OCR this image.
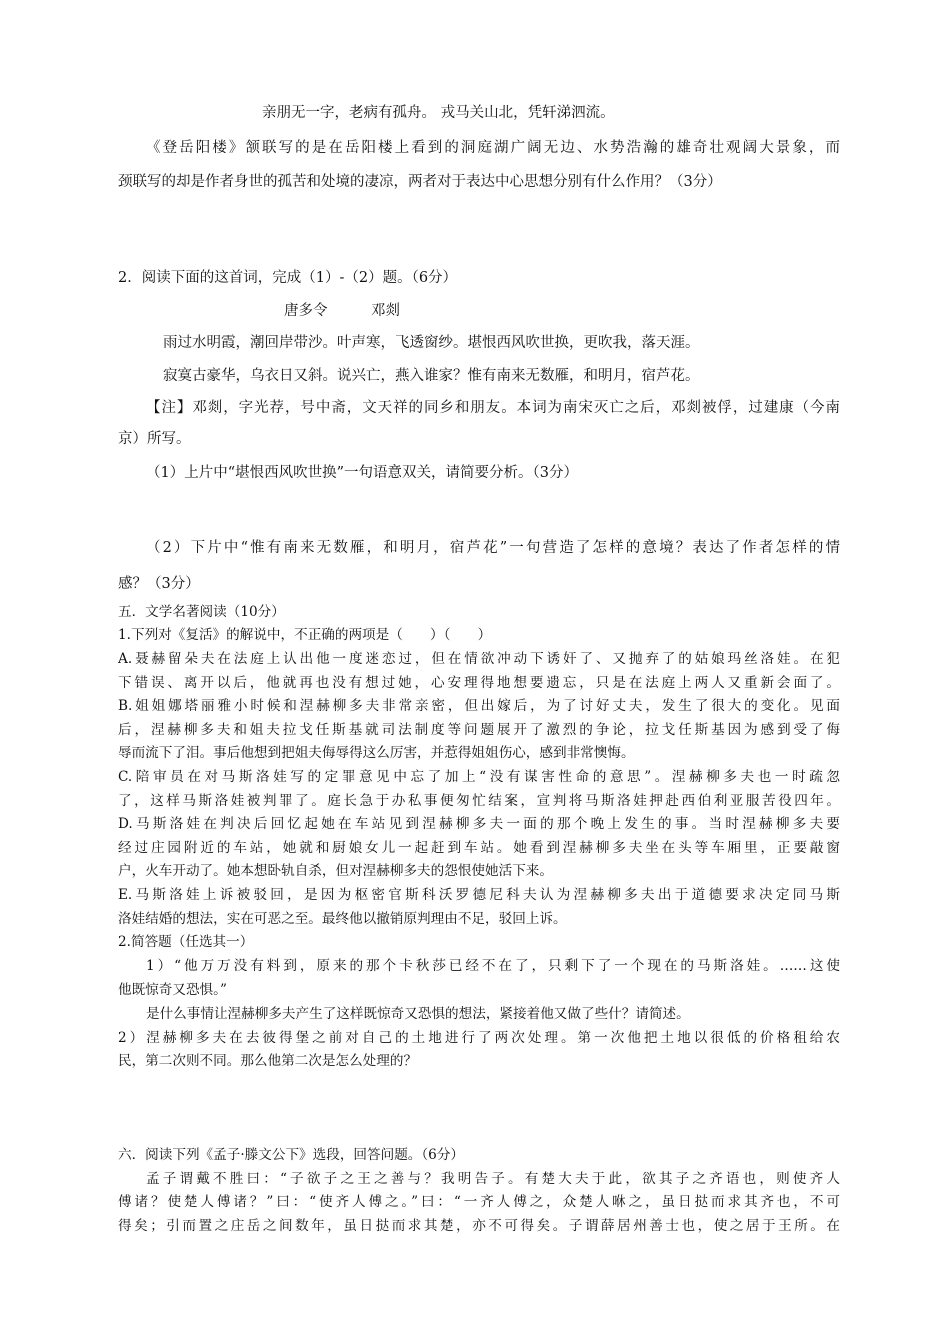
亲朋无一字，老病有孤舟。 戎马关山北，凭轩涕泗流。
《登岳阳楼》颔联写的是在岳阳楼上看到的洞庭湖广阔无边、水势浩瀚的雄奇壮观阔大景象，而
颈联写的却是作者身世的孤苦和处境的凄凉，两者对于表达中心思想分别有什么作用？（3分）
2．阅读下面的这首词，完成（1）-（2）题。（6分）
唐多令　　　邓剡
雨过水明霞，潮回岸带沙。叶声寒，飞透窗纱。堪恨西风吹世换，更吹我，落天涯。
寂寞古豪华，乌衣日又斜。说兴亡，燕入谁家？惟有南来无数雁，和明月，宿芦花。
【注】邓剡，字光荐，号中斋，文天祥的同乡和朋友。本词为南宋灭亡之后，邓剡被俘，过建康（今南
京）所写。
（1）上片中“堪恨西风吹世换”一句语意双关，请简要分析。（3分）
（2）下片中“惟有南来无数雁，和明月，宿芦花”一句营造了怎样的意境？表达了作者怎样的情
感？（3分）
五．文学名著阅读（10分）
1.下列对《复活》的解说中，不正确的两项是（　　）（　　）
A.聂赫留朵夫在法庭上认出他一度迷恋过，但在情欲冲动下诱奸了、又抛弃了的姑娘玛丝洛娃。在犯
下错误、离开以后，他就再也没有想过她，心安理得地想要遗忘，只是在法庭上两人又重新会面了。
B.姐姐娜塔丽雅小时候和涅赫柳多夫非常亲密，但出嫁后，为了讨好丈夫，发生了很大的变化。见面
后，涅赫柳多夫和姐夫拉戈任斯基就司法制度等问题展开了激烈的争论，拉戈任斯基因为感到受了侮
辱而流下了泪。事后他想到把姐夫侮辱得这么厉害，并惹得姐姐伤心，感到非常懊悔。
C.陪审员在对马斯洛娃写的定罪意见中忘了加上“没有谋害性命的意思”。涅赫柳多夫也一时疏忽
了，这样马斯洛娃被判罪了。庭长急于办私事便匆忙结案，宣判将马斯洛娃押赴西伯利亚服苦役四年。
D.马斯洛娃在判决后回忆起她在车站见到涅赫柳多夫一面的那个晚上发生的事。当时涅赫柳多夫要
经过庄园附近的车站，她就和厨娘女儿一起赶到车站。她看到涅赫柳多夫坐在头等车厢里，正要敲窗
户，火车开动了。她本想卧轨自杀，但对涅赫柳多夫的怨恨使她活下来。
E.马斯洛娃上诉被驳回，是因为枢密官斯科沃罗德尼科夫认为涅赫柳多夫出于道德要求决定同马斯
洛娃结婚的想法，实在可恶之至。最终他以撤销原判理由不足，驳回上诉。
2.简答题（任选其一）
1）“他万万没有料到，原来的那个卡秋莎已经不在了，只剩下了一个现在的马斯洛娃。……这使
他既惊奇又恐惧。”
是什么事情让涅赫柳多夫产生了这样既惊奇又恐惧的想法，紧接着他又做了些什？请简述。
2）涅赫柳多夫在去彼得堡之前对自己的土地进行了两次处理。第一次他把土地以很低的价格租给农
民，第二次则不同。那么他第二次是怎么处理的？
六．阅读下列《孟子·滕文公下》选段，回答问题。（6分）
孟子谓戴不胜曰：“子欲子之王之善与？我明告子。有楚大夫于此，欲其子之齐语也，则使齐人
傅诸？使楚人傅诸？”曰：“使齐人傅之。”曰：“一齐人傅之，众楚人咻之，虽日挞而求其齐也，不可
得矣；引而置之庄岳之间数年，虽日挞而求其楚，亦不可得矣。子谓薛居州善士也，使之居于王所。在
